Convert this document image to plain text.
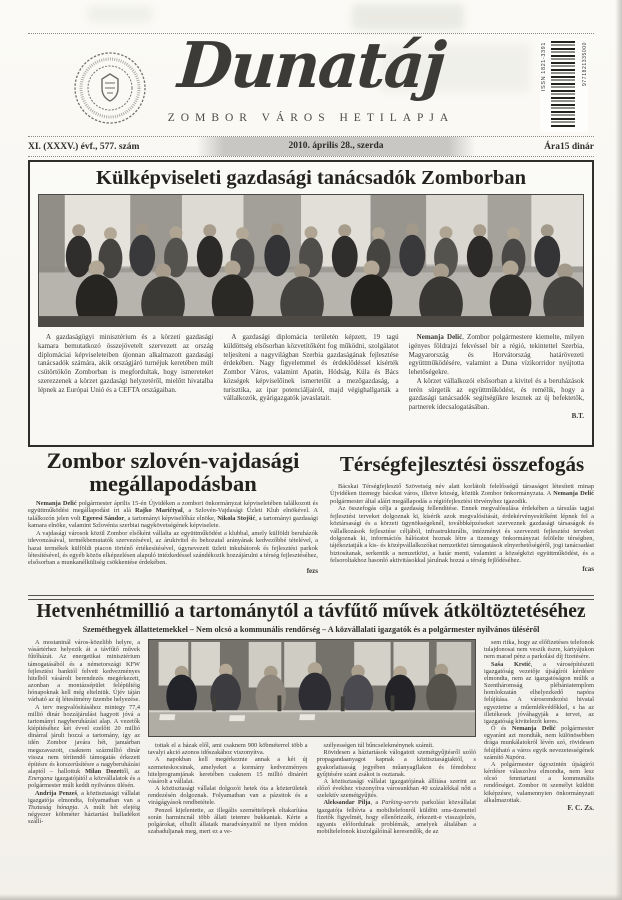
Dunatáj
ZOMBOR VÁROS HETILAPJA
ISSN 1821-3391	9771821335000
XI. (XXXV.) évf., 577. szám	2010. április 28., szerda	Ára15 dinár
Külképviseleti gazdasági tanácsadók Zomborban

A gazdaságügyi minisztérium és a körzeti gazdasági kamara bemutatkozó összejövetelt szervezett az ország diplomáciai képviseleteiben újonnan alkalmazott gazdasági tanácsadók számára, akik országjáró turnéjuk keretében múlt csütörtökön Zomborban is megfordultak, hogy ismereteket szerezzenek a körzet gazdasági helyzetéről, mielőtt hivatalba lépnek az Európai Unió és a CEFTA országaiban.

A gazdasági diplomácia területén képzett, 19 tagú küldöttség elsősorban közvetítőként fog működni, szolgálatot teljesíteni a nagyvilágban Szerbia gazdaságának fejlesztése érdekében. Nagy figyelemmel és érdeklődéssel kísérték Zombor Város, valamint Apatin, Hódság, Kúla és Bács községek képviselőinek ismertetőit a mezőgazdaság, a turisztika, az ipar potenciáljairól, majd végighallgatták a vállalkozók, gyárigazgatók javaslatait.

Nemanja Delić, Zombor polgármestere kiemelte, milyen igényes földrajzi fekvéssel bír a régió, tekintettel Szerbia, Magyarország és Horvátország határövezeti együttműködésére, valamint a Duna vízikorridor nyújtotta lehetőségekre.

A körzet vállalkozói elsősorban a kivitel és a beruházások terén sürgetik az együttműködést, és remélik, hogy a gazdasági tanácsadók segítségükre lesznek az új befektetők, partnerek idecsalogatásában.

B.T.
Zombor szlovén-vajdasági
megállapodásban

Nemanja Delić polgármester április 15-én Újvidéken a zombori önkormányzat képviseletében találkozott és együttműködési megállapodást írt alá Rajko Marićtyal, a Szlovén-Vajdasági Üzleti Klub elnökével. A találkozón jelen volt Egeresi Sándor, a tartományi képviselőház elnöke, Nikola Stojšić, a tartományi gazdasági kamara elnöke, valamint Szlovénia szerbiai nagykövetségének képviselete.

A vajdasági városok közül Zombor elsőként vállalta az együttműködést a klubbal, amely külföldi beruházók idevonzásával, termékbemutatók szervezésével, az árukivitel és behozatal arányának kedvezőbbé tételével, a hazai termékek külföldi piacon történő értékesítésével, úgynevezett üzleti inkubátorok és fejlesztési parkok létesítésével, és egyéb közös elképzelésen alapuló intézkedéssel szándékozik hozzájárulni a térség fejlesztéséhez, elsősorban a munkanélküliség csökkentése érdekében.

fezs
Térségfejlesztési összefogás

Bácskai Térségfejlesztő Szövetség név alatt korlátolt felelősségű társaságot létesített minap Újvidéken tizenegy bácskai város, illetve község, köztük Zombor önkormányzata. A Nemanja Delić polgármester által aláírt megállapodás a régiófejlesztési törvényhez igazodik.

Az összefogás célja a gazdaság fellendítése. Ennek megvalósulása érdekében a társulás tagjai fejlesztési terveket dolgoznak ki, kísérik azok megvalósítását, érdekérvényesítőként lépnek fel a köztársasági és a körzeti ügynökségeknél, továbbképzéseket szerveznek gazdasági társaságok és vállalkozások fejlesztése céljából, infrastrukturális, intézményi és szervezeti fejlesztési terveket dolgoznak ki, információs hálózatot hoznak létre a tizenegy önkormányzat felölelte térségben, tájékoztatják a kis- és középvállalkozókat nemzetközi támogatások elnyerhetőségéről, jogi tanácsadást biztosítanak, serkentik a nemzetközi, a határ menti, valamint a községközi együttműködést, és a felsoroltakhoz hasonló aktivitásokkal járulnak hozzá a térség fejlődéséhez.

fcas
Hetvenhétmillió a tartománytól a távfűtő művek átköltöztetéséhez
Szeméthegyek állattetemekkel – Nem olcsó a kommunális rendőrség – A közvállalati igazgatók és a polgármester nyilvános üléséről

A mostaninál város-közelibb helyre, a vásártérhez helyezik át a távfűtő művek fűtőházát. Az energetikai minisztérium támogatásából és a németországi KFW fejlesztési banktól felvett kedvezményes hitelből vásárolt berendezés megérkezett, azonban a montázsépület felépültéig hónapoknak kell még eltelniük. Újév táján várható az új létesítmény üzembe helyezése.

A terv megvalósításához mintegy 77,4 millió dinár hozzájárulást hagyott jóvá a tartományi nagyberuházási alap. A vezetők kiépítéséhez két évvel ezelőtt 20 millió dinárral járult hozzá a tartomány, így az idén Zombor javára hét, januárban megszavazott, csaknem százmillió dinár vissza nem térítendő támogatás érkezett építésre és korszerűsítésre a nagyberuházási alaptól – hallottuk Milan Dozettől, az Energana igazgatójától a közvállalatok és a polgármester múlt keddi nyilvános ülésén.

Andrija Penzeš, a köztisztasági vállalat igazgatója elmondta, folyamatban van a Tisztaság hónapja. A múlt hét elejéig négyezer köbméter háztartási hulladékot szállí-

tottak el a házak elől, ami csaknem 900 köbméterrel több a tavalyi akció azonos időszakához viszonyítva.

A napokban kell megérkeznie annak a két új szemeteskocsinak, amelyeket a kormány kedvezményes hitelprogramjának keretében csaknem 15 millió dinárért vásárolt a vállalat.

A köztisztasági vállalat dolgozói hetek óta a közterületek rendezésén dolgoznak. Folyamatban van a pázsitok és a virágágyások rendbetétele.

Penzeš kijelentette, az illegális szeméttelepek eltakarítása során harmincnál több állati tetemre bukkantak. Kérte a polgárokat, elhullt állataik maradványaitól ne ilyen módon szabaduljanak meg, mert ez a ve-

szélyességen túl bűncselekménynek számít.

Rövidesen a háztartások válogatott szemétgyűjtésről szóló propagandaanyagot kapnak a köztisztaságiaktól, s gyakorlatiasság jegyében műanyagflakon és fémdoboz gyűjtésére szánt zsákot is osztanak.

A köztisztasági vállalat igazgatójának állítása szerint az előző évekhez viszonyítva városunkban 40 százalékkal nőtt a szelektív szemétgyűjtés.

Aleksandar Pilja, a Parking-servis parkolási közvállalat igazgatója felhívta a mobiltelefonról küldött sms-üzenettel fizetők figyelmét, hogy ellenőrizzék, érkezett-e visszajelzés, ugyanis előfordulnak problémák, amelyek általában a mobiltelefonok kiszolgálóinál keresendők, de az

sem ritka, hogy az előfizetéses telefonok tulajdonosai nem veszik észre, kártyájukon nem marad pénz a parkolási díj fizetésére.

Saša Krstić, a városépítészeti igazgatóság vezetője újságírói kérdésre elmondta, nem az igazgatóságon múlik a Szentháromság plébániatemplom homlokzatán elhelyezkedő napóra felújítása. A városrendezési hivatal egyeztetne a műemlékvédőkkel, s ha az illetékesek jóváhagyják a tervet, az igazgatóság kivitelezőt keres.

Ő és Nemanja Delić polgármester egyaránt azt mondták, nem különösebben drága munkálatokról lévén szó, rövidesen felújítható a város egyik nevezetességének számító Napóra.

A polgármester úgyszintén újságírói kérdésre válaszolva elmondta, nem lesz olcsó fenntartani a kommunális rendőrséget. Zombor öt személyt küldött kiképzésre, valamennyien önkormányzati alkalmazottak.

F. C. Zs.
